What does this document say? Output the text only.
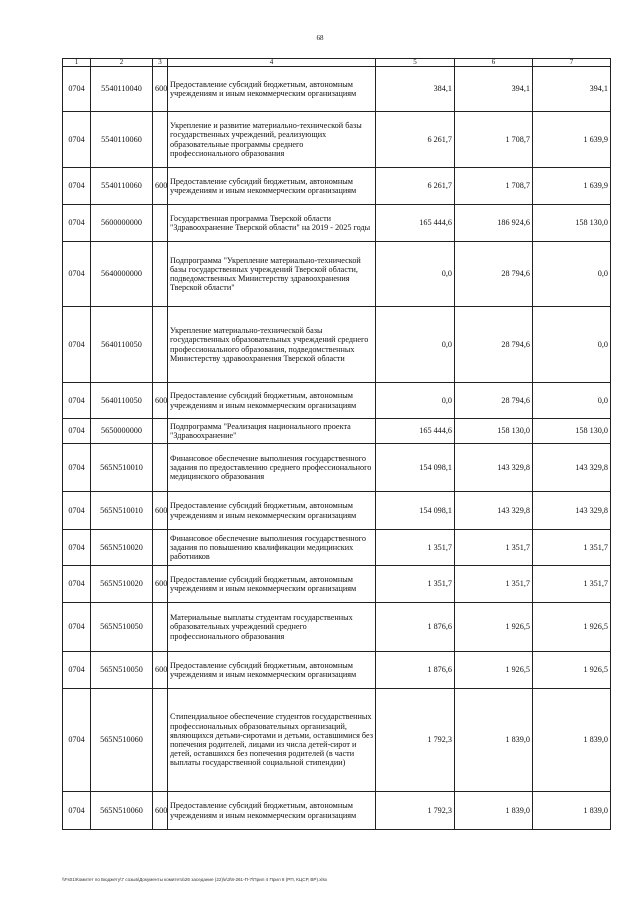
68
1	2	3	4	5	6	7
0704	5540110040	600	Предоставление субсидий бюджетным, автономным учреждениям и иным некоммерческим организациям	384,1	394,1	394,1
0704	5540110060		Укрепление и развитие материально-технической базы государственных учреждений, реализующих образовательные программы среднего профессионального образования	6 261,7	1 708,7	1 639,9
0704	5540110060	600	Предоставление субсидий бюджетным, автономным учреждениям и иным некоммерческим организациям	6 261,7	1 708,7	1 639,9
0704	5600000000		Государственная программа Тверской области "Здравоохранение Тверской области" на 2019 - 2025 годы	165 444,6	186 924,6	158 130,0
0704	5640000000		Подпрограмма "Укрепление материально-технической базы государственных учреждений Тверской области, подведомственных Министерству здравоохранения Тверской области"	0,0	28 794,6	0,0
0704	5640110050		Укрепление материально-технической базы государственных образовательных учреждений среднего профессионального образования, подведомственных Министерству здравоохранения Тверской области	0,0	28 794,6	0,0
0704	5640110050	600	Предоставление субсидий бюджетным, автономным учреждениям и иным некоммерческим организациям	0,0	28 794,6	0,0
0704	5650000000		Подпрограмма "Реализация национального проекта "Здравоохранение"	165 444,6	158 130,0	158 130,0
0704	565N510010		Финансовое обеспечение выполнения государственного задания по предоставлению среднего профессионального медицинского образования	154 098,1	143 329,8	143 329,8
0704	565N510010	600	Предоставление субсидий бюджетным, автономным учреждениям и иным некоммерческим организациям	154 098,1	143 329,8	143 329,8
0704	565N510020		Финансовое обеспечение выполнения государственного задания по повышению квалификации медицинских работников	1 351,7	1 351,7	1 351,7
0704	565N510020	600	Предоставление субсидий бюджетным, автономным учреждениям и иным некоммерческим организациям	1 351,7	1 351,7	1 351,7
0704	565N510050		Материальные выплаты студентам государственных образовательных учреждений среднего профессионального образования	1 876,6	1 926,5	1 926,5
0704	565N510050	600	Предоставление субсидий бюджетным, автономным учреждениям и иным некоммерческим организациям	1 876,6	1 926,5	1 926,5
0704	565N510060		Стипендиальное обеспечение студентов государственных профессиональных образовательных организаций, являющихся детьми-сиротами и детьми, оставшимися без попечения родителей, лицами из числа детей-сирот и детей, оставшихся без попечения родителей (в части выплаты государственной социальной стипендии)	1 792,3	1 839,0	1 839,0
0704	565N510060	600	Предоставление субсидий бюджетным, автономным учреждениям и иным некоммерческим организациям	1 792,3	1 839,0	1 839,0
\\Fs01\Комитет по Бюджету\7 созыв\Документы комитета\26 заседание (22)\к\3\8-261-П-7\Прил 4 Прил 8 (РП, КЦСР, ВР).xlsx
